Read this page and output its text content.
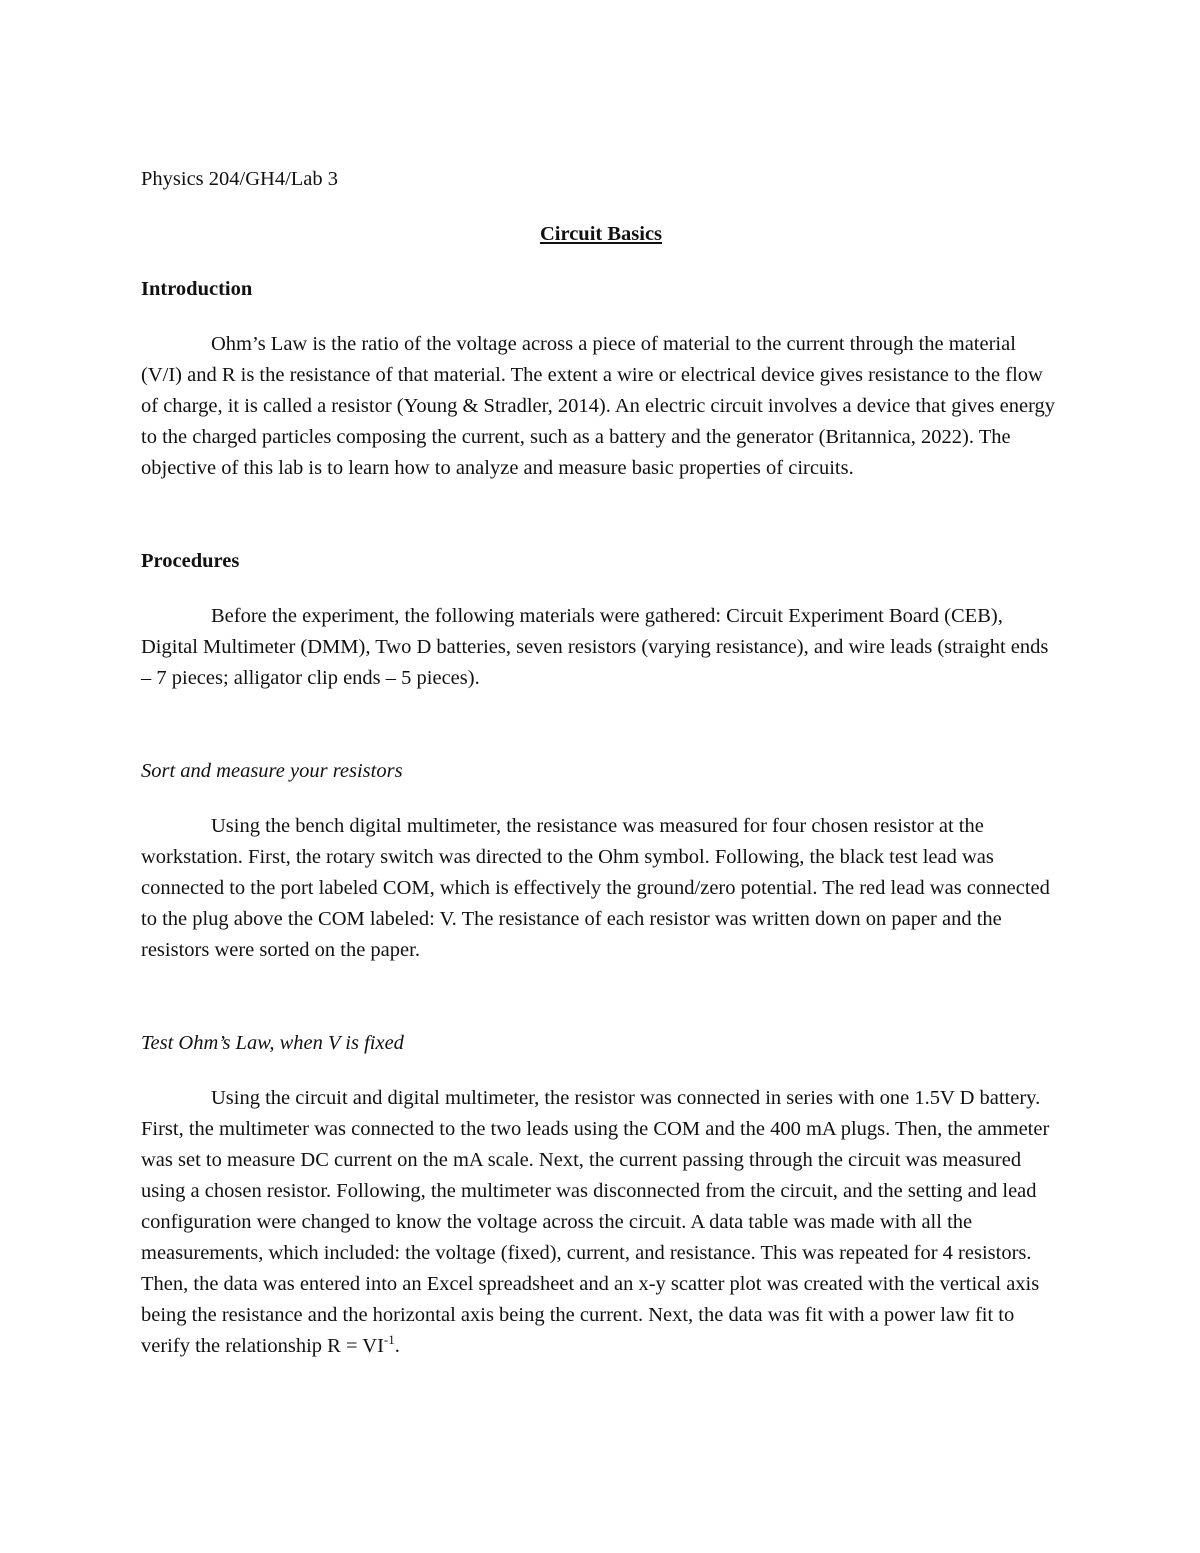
Physics 204/GH4/Lab 3
Circuit Basics
Introduction

Ohm’s Law is the ratio of the voltage across a piece of material to the current through the material (V/I) and R is the resistance of that material. The extent a wire or electrical device gives resistance to the flow of charge, it is called a resistor (Young & Stradler, 2014). An electric circuit involves a device that gives energy to the charged particles composing the current, such as a battery and the generator (Britannica, 2022). The objective of this lab is to learn how to analyze and measure basic properties of circuits.

Procedures

Before the experiment, the following materials were gathered: Circuit Experiment Board (CEB), Digital Multimeter (DMM), Two D batteries, seven resistors (varying resistance), and wire leads (straight ends – 7 pieces; alligator clip ends – 5 pieces).

Sort and measure your resistors

Using the bench digital multimeter, the resistance was measured for four chosen resistor at the workstation. First, the rotary switch was directed to the Ohm symbol. Following, the black test lead was connected to the port labeled COM, which is effectively the ground/zero potential. The red lead was connected to the plug above the COM labeled: V. The resistance of each resistor was written down on paper and the resistors were sorted on the paper.

Test Ohm’s Law, when V is fixed

Using the circuit and digital multimeter, the resistor was connected in series with one 1.5V D battery. First, the multimeter was connected to the two leads using the COM and the 400 mA plugs. Then, the ammeter was set to measure DC current on the mA scale. Next, the current passing through the circuit was measured using a chosen resistor. Following, the multimeter was disconnected from the circuit, and the setting and lead configuration were changed to know the voltage across the circuit. A data table was made with all the measurements, which included: the voltage (fixed), current, and resistance. This was repeated for 4 resistors. Then, the data was entered into an Excel spreadsheet and an x-y scatter plot was created with the vertical axis being the resistance and the horizontal axis being the current. Next, the data was fit with a power law fit to verify the relationship $R = VI^{-1}$.
